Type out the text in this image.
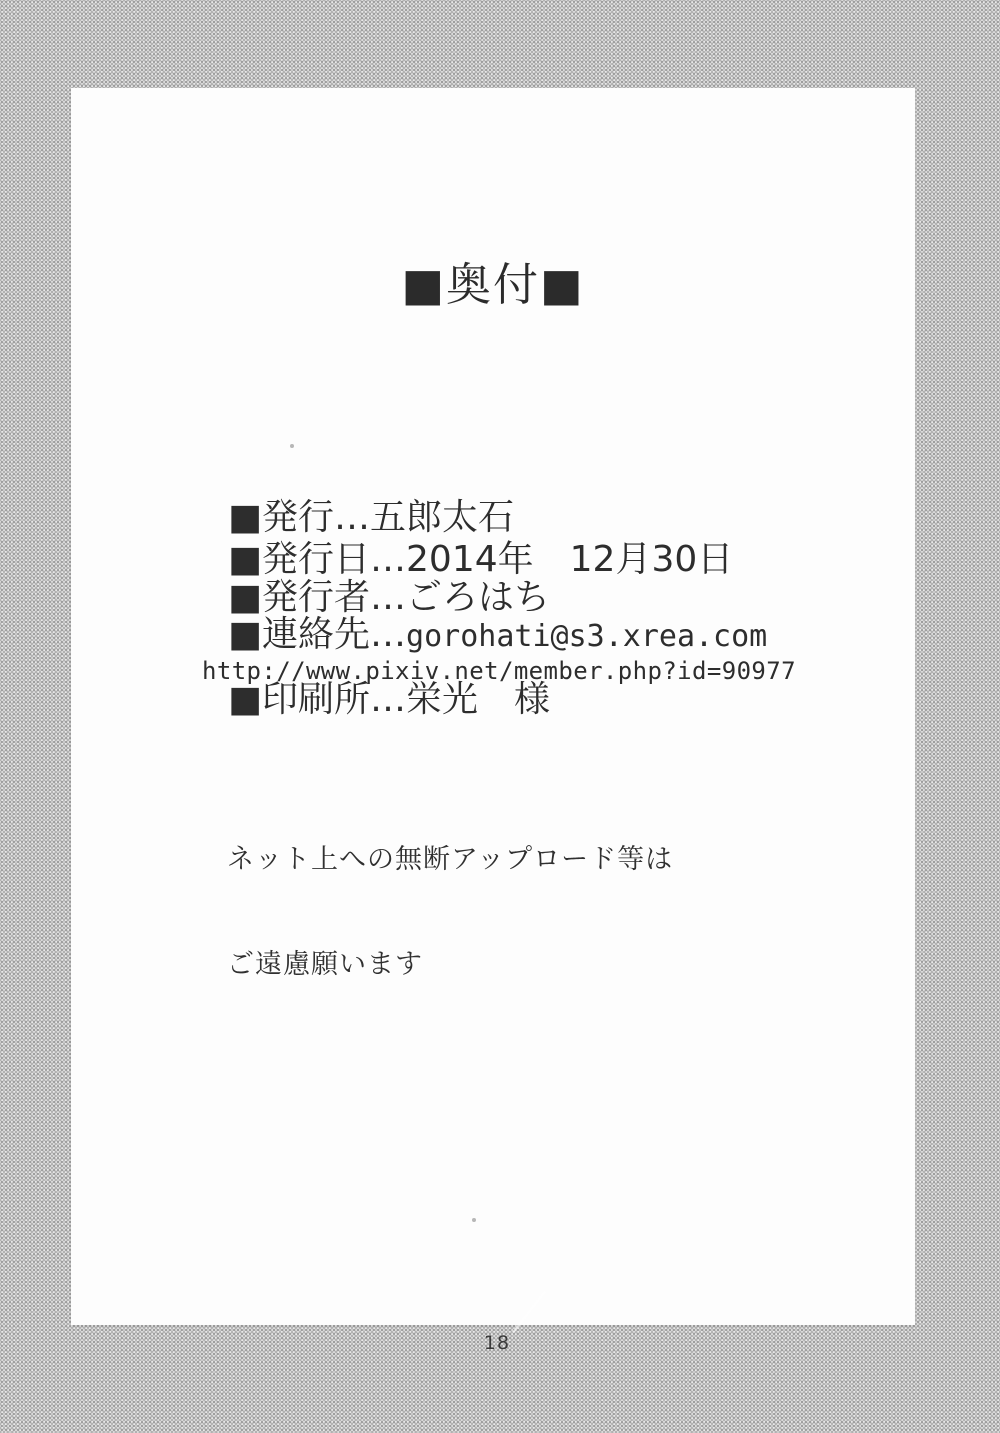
■奥付■
■発行…五郎太石
■発行日…2014年　12月30日
■発行者…ごろはち
■連絡先…gorohati@s3.xrea.com
http://www.pixiv.net/member.php?id=90977
■印刷所…栄光　様

ネット上への無断アップロード等は

ご遠慮願います

18
